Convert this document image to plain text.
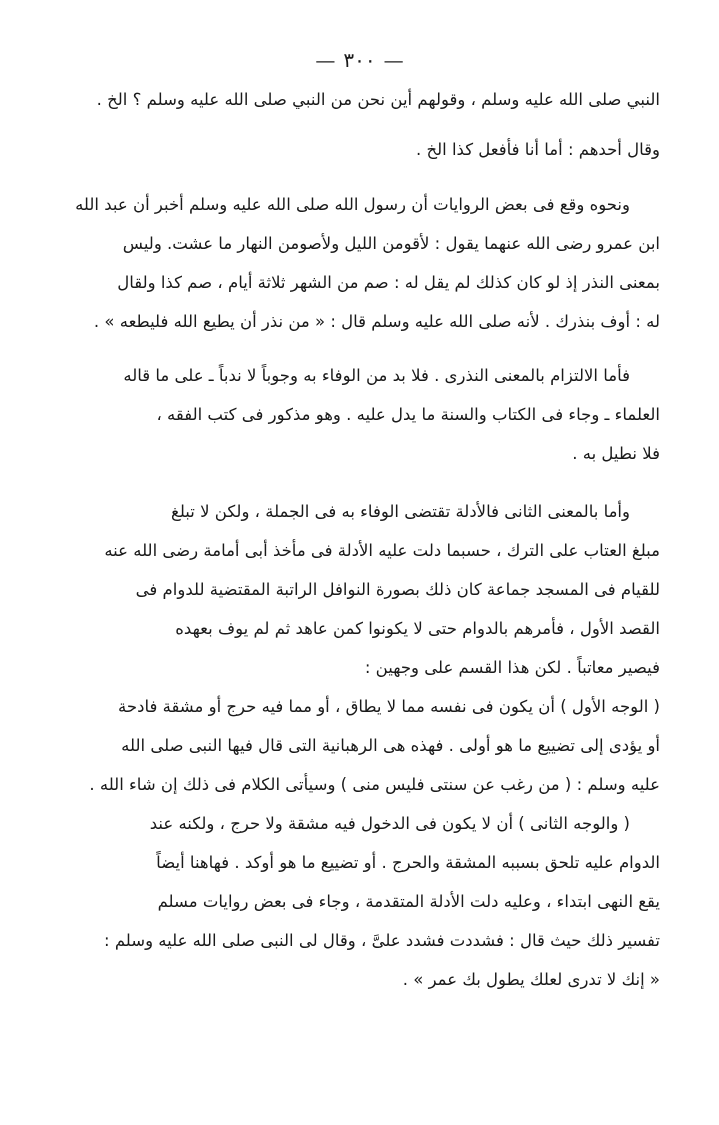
—٣٠٠—
النبي صلى الله عليه وسلم ، وقولهم أين نحن من النبي صلى الله عليه وسلم ؟ الخ .
وقال أحدهم : أما أنا فأفعل كذا الخ .
ونحوه وقع فى بعض الروايات أن رسول الله صلى الله عليه وسلم أخبر أن عبد الله
ابن عمرو رضى الله عنهما يقول : لأقومن الليل ولأصومن النهار ما عشت. وليس
بمعنى النذر إذ لو كان كذلك لم يقل له : صم من الشهر ثلاثة أيام ، صم كذا ولقال
له : أوف بنذرك . لأنه صلى الله عليه وسلم قال : « من نذر أن يطيع الله فليطعه » .
فأما الالتزام بالمعنى النذرى . فلا بد من الوفاء به وجوباً لا ندباً ـ على ما قاله
العلماء ـ وجاء فى الكتاب والسنة ما يدل عليه . وهو مذكور فى كتب الفقه ،
فلا نطيل به .
وأما بالمعنى الثانى فالأدلة تقتضى الوفاء به فى الجملة ، ولكن لا تبلغ
مبلغ العتاب على الترك ، حسبما دلت عليه الأدلة فى مأخذ أبى أمامة رضى الله عنه
للقيام فى المسجد جماعة كان ذلك بصورة النوافل الراتبة المقتضية للدوام فى
القصد الأول ، فأمرهم بالدوام حتى لا يكونوا كمن عاهد ثم لم يوف بعهده
فيصير معاتباً . لكن هذا القسم على وجهين :
( الوجه الأول ) أن يكون فى نفسه مما لا يطاق ، أو مما فيه حرج أو مشقة فادحة
أو يؤدى إلى تضييع ما هو أولى . فهذه هى الرهبانية التى قال فيها النبى صلى الله
عليه وسلم : ( من رغب عن سنتى فليس منى ) وسيأتى الكلام فى ذلك إن شاء الله .
( والوجه الثانى ) أن لا يكون فى الدخول فيه مشقة ولا حرج ، ولكنه عند
الدوام عليه تلحق بسببه المشقة والحرج . أو تضييع ما هو أوكد . فهاهنا أيضاً
يقع النهى ابتداء ، وعليه دلت الأدلة المتقدمة ، وجاء فى بعض روايات مسلم
تفسير ذلك حيث قال : فشددت فشدد علىَّ ، وقال لى النبى صلى الله عليه وسلم :
« إنك لا تدرى لعلك يطول بك عمر » .
